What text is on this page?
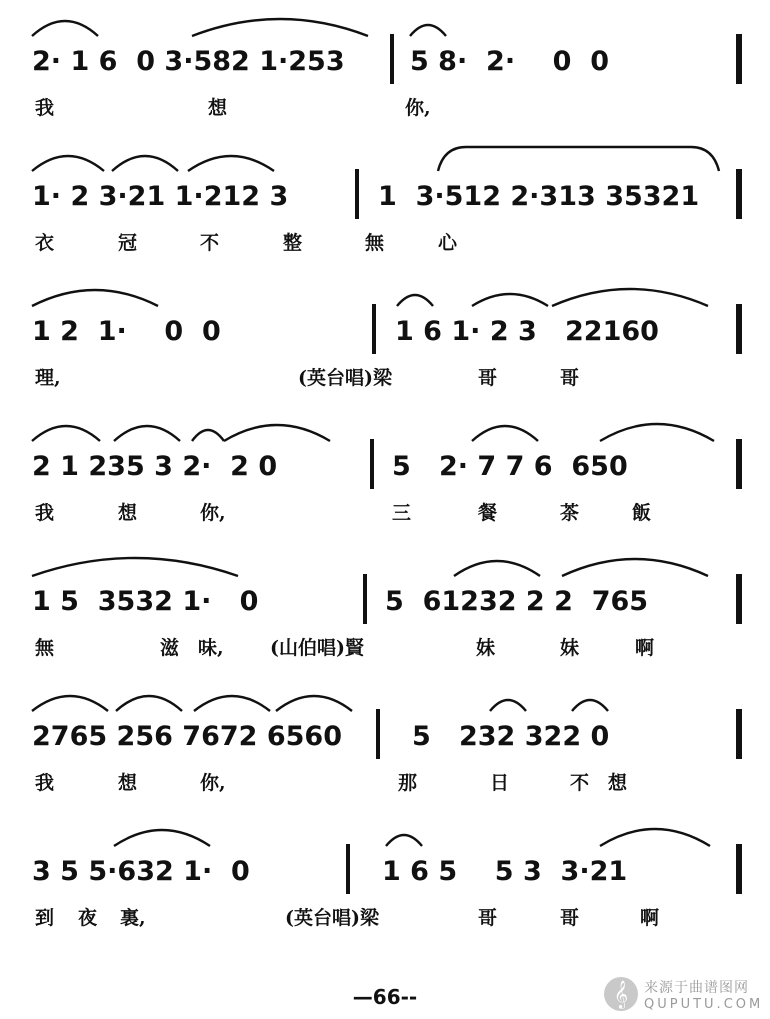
2· 1 6  0 3·582 1·253 5 8·  2·    0  0
我	想	你,
1· 2 3·21 1·212 3	1  3·512 2·313 35321
衣	冠	不	整	無	心
1 2  1·    0  0	1 6 1· 2 3   22160
理,	(英台唱)梁	哥	哥
2 1 235 3 2·  2 0	5   2· 7 7 6  650
我	想	你,	三	餐	茶	飯
1 5  3532 1·   0	5  61232 2 2  765
無	滋 味, (山伯唱)賢	妹	妹	啊
2765 256 7672 6560	5   232 322 0
我	想	你,	那	日	不 想
3 5 5·632 1·  0	1 6 5    5 3  3·21
到 夜 裏,	(英台唱)梁	哥	哥	啊
—66--	𝄞	来源于曲谱图网
QUPUTU.COM
